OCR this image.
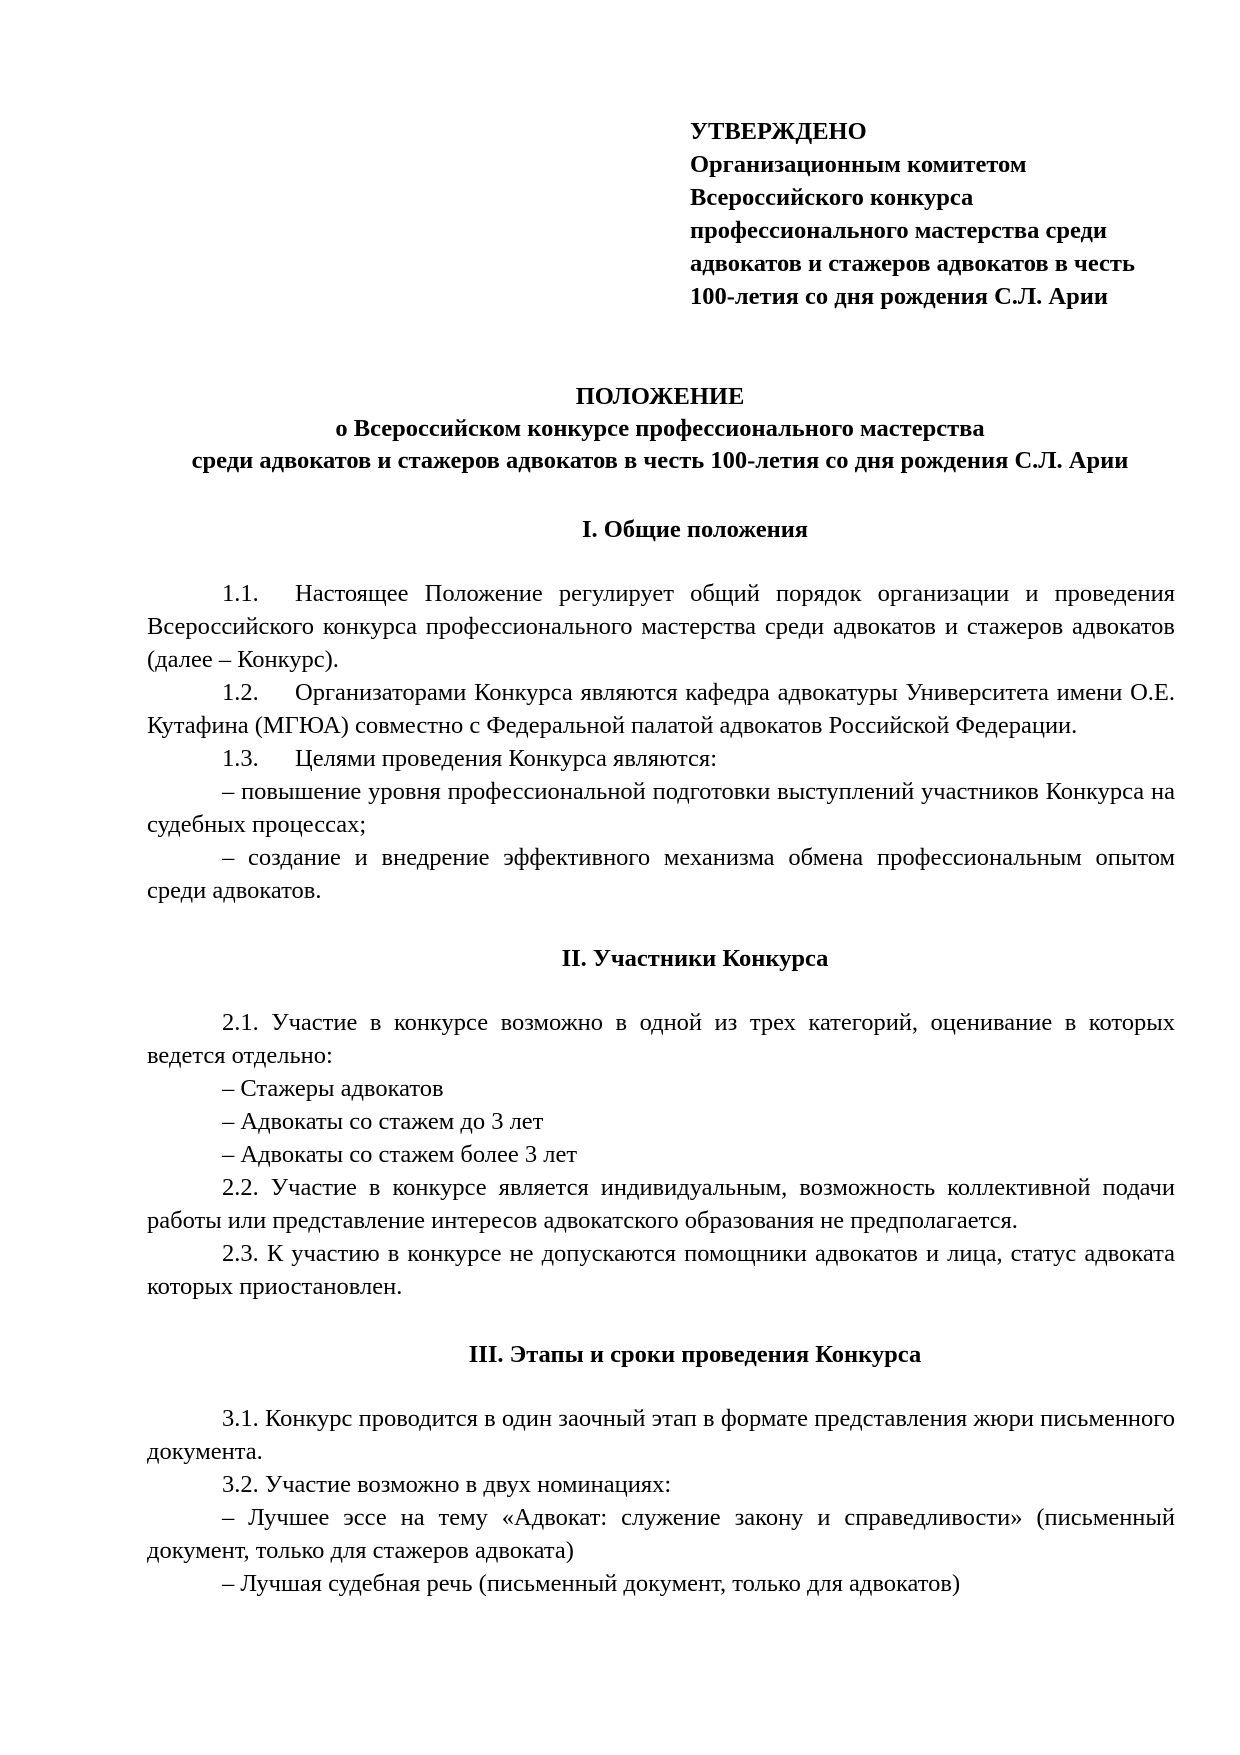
УТВЕРЖДЕНО
Организационным комитетом
Всероссийского конкурса
профессионального мастерства среди
адвокатов и стажеров адвокатов в честь
100-летия со дня рождения С.Л. Арии
ПОЛОЖЕНИЕ
о Всероссийском конкурсе профессионального мастерства
среди адвокатов и стажеров адвокатов в честь 100-летия со дня рождения С.Л. Арии
I. Общие положения

1.1. Настоящее Положение регулирует общий порядок организации и проведения Всероссийского конкурса профессионального мастерства среди адвокатов и стажеров адвокатов (далее – Конкурс).

1.2. Организаторами Конкурса являются кафедра адвокатуры Университета имени О.Е. Кутафина (МГЮА) совместно с Федеральной палатой адвокатов Российской Федерации.

1.3. Целями проведения Конкурса являются:

– повышение уровня профессиональной подготовки выступлений участников Конкурса на судебных процессах;

– создание и внедрение эффективного механизма обмена профессиональным опытом среди адвокатов.

II. Участники Конкурса

2.1. Участие в конкурсе возможно в одной из трех категорий, оценивание в которых ведется отдельно:

– Стажеры адвокатов

– Адвокаты со стажем до 3 лет

– Адвокаты со стажем более 3 лет

2.2. Участие в конкурсе является индивидуальным, возможность коллективной подачи работы или представление интересов адвокатского образования не предполагается.

2.3. К участию в конкурсе не допускаются помощники адвокатов и лица, статус адвоката которых приостановлен.

III. Этапы и сроки проведения Конкурса

3.1. Конкурс проводится в один заочный этап в формате представления жюри письменного документа.

3.2. Участие возможно в двух номинациях:

– Лучшее эссе на тему «Адвокат: служение закону и справедливости» (письменный документ, только для стажеров адвоката)

– Лучшая судебная речь (письменный документ, только для адвокатов)
